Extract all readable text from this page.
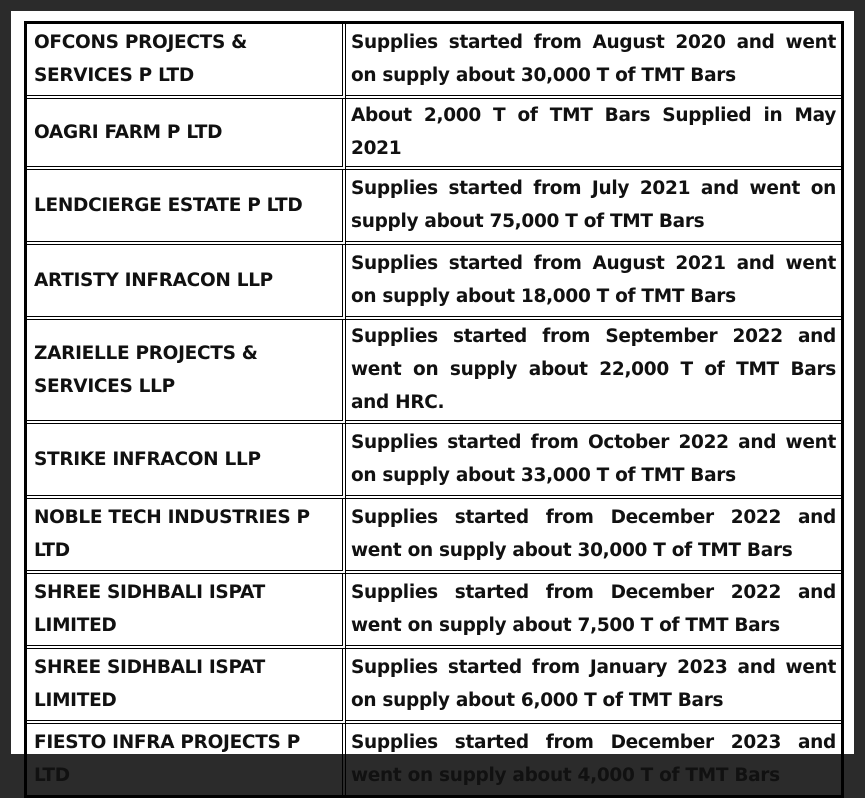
OFCONS PROJECTS & SERVICES P LTD	Supplies started from August 2020 and went on supply about 30,000 T of TMT Bars
OAGRI FARM P LTD	About 2,000 T of TMT Bars Supplied in May 2021
LENDCIERGE ESTATE P LTD	Supplies started from July 2021 and went on supply about 75,000 T of TMT Bars
ARTISTY INFRACON LLP	Supplies started from August 2021 and went on supply about 18,000 T of TMT Bars
ZARIELLE PROJECTS & SERVICES LLP	Supplies started from September 2022 and went on supply about 22,000 T of TMT Bars and HRC.
STRIKE INFRACON LLP	Supplies started from October 2022 and went on supply about 33,000 T of TMT Bars
NOBLE TECH INDUSTRIES P LTD	Supplies started from December 2022 and went on supply about 30,000 T of TMT Bars
SHREE SIDHBALI ISPAT LIMITED	Supplies started from December 2022 and went on supply about 7,500 T of TMT Bars
SHREE SIDHBALI ISPAT LIMITED	Supplies started from January 2023 and went on supply about 6,000 T of TMT Bars
FIESTO INFRA PROJECTS P LTD	Supplies started from December 2023 and went on supply about 4,000 T of TMT Bars
